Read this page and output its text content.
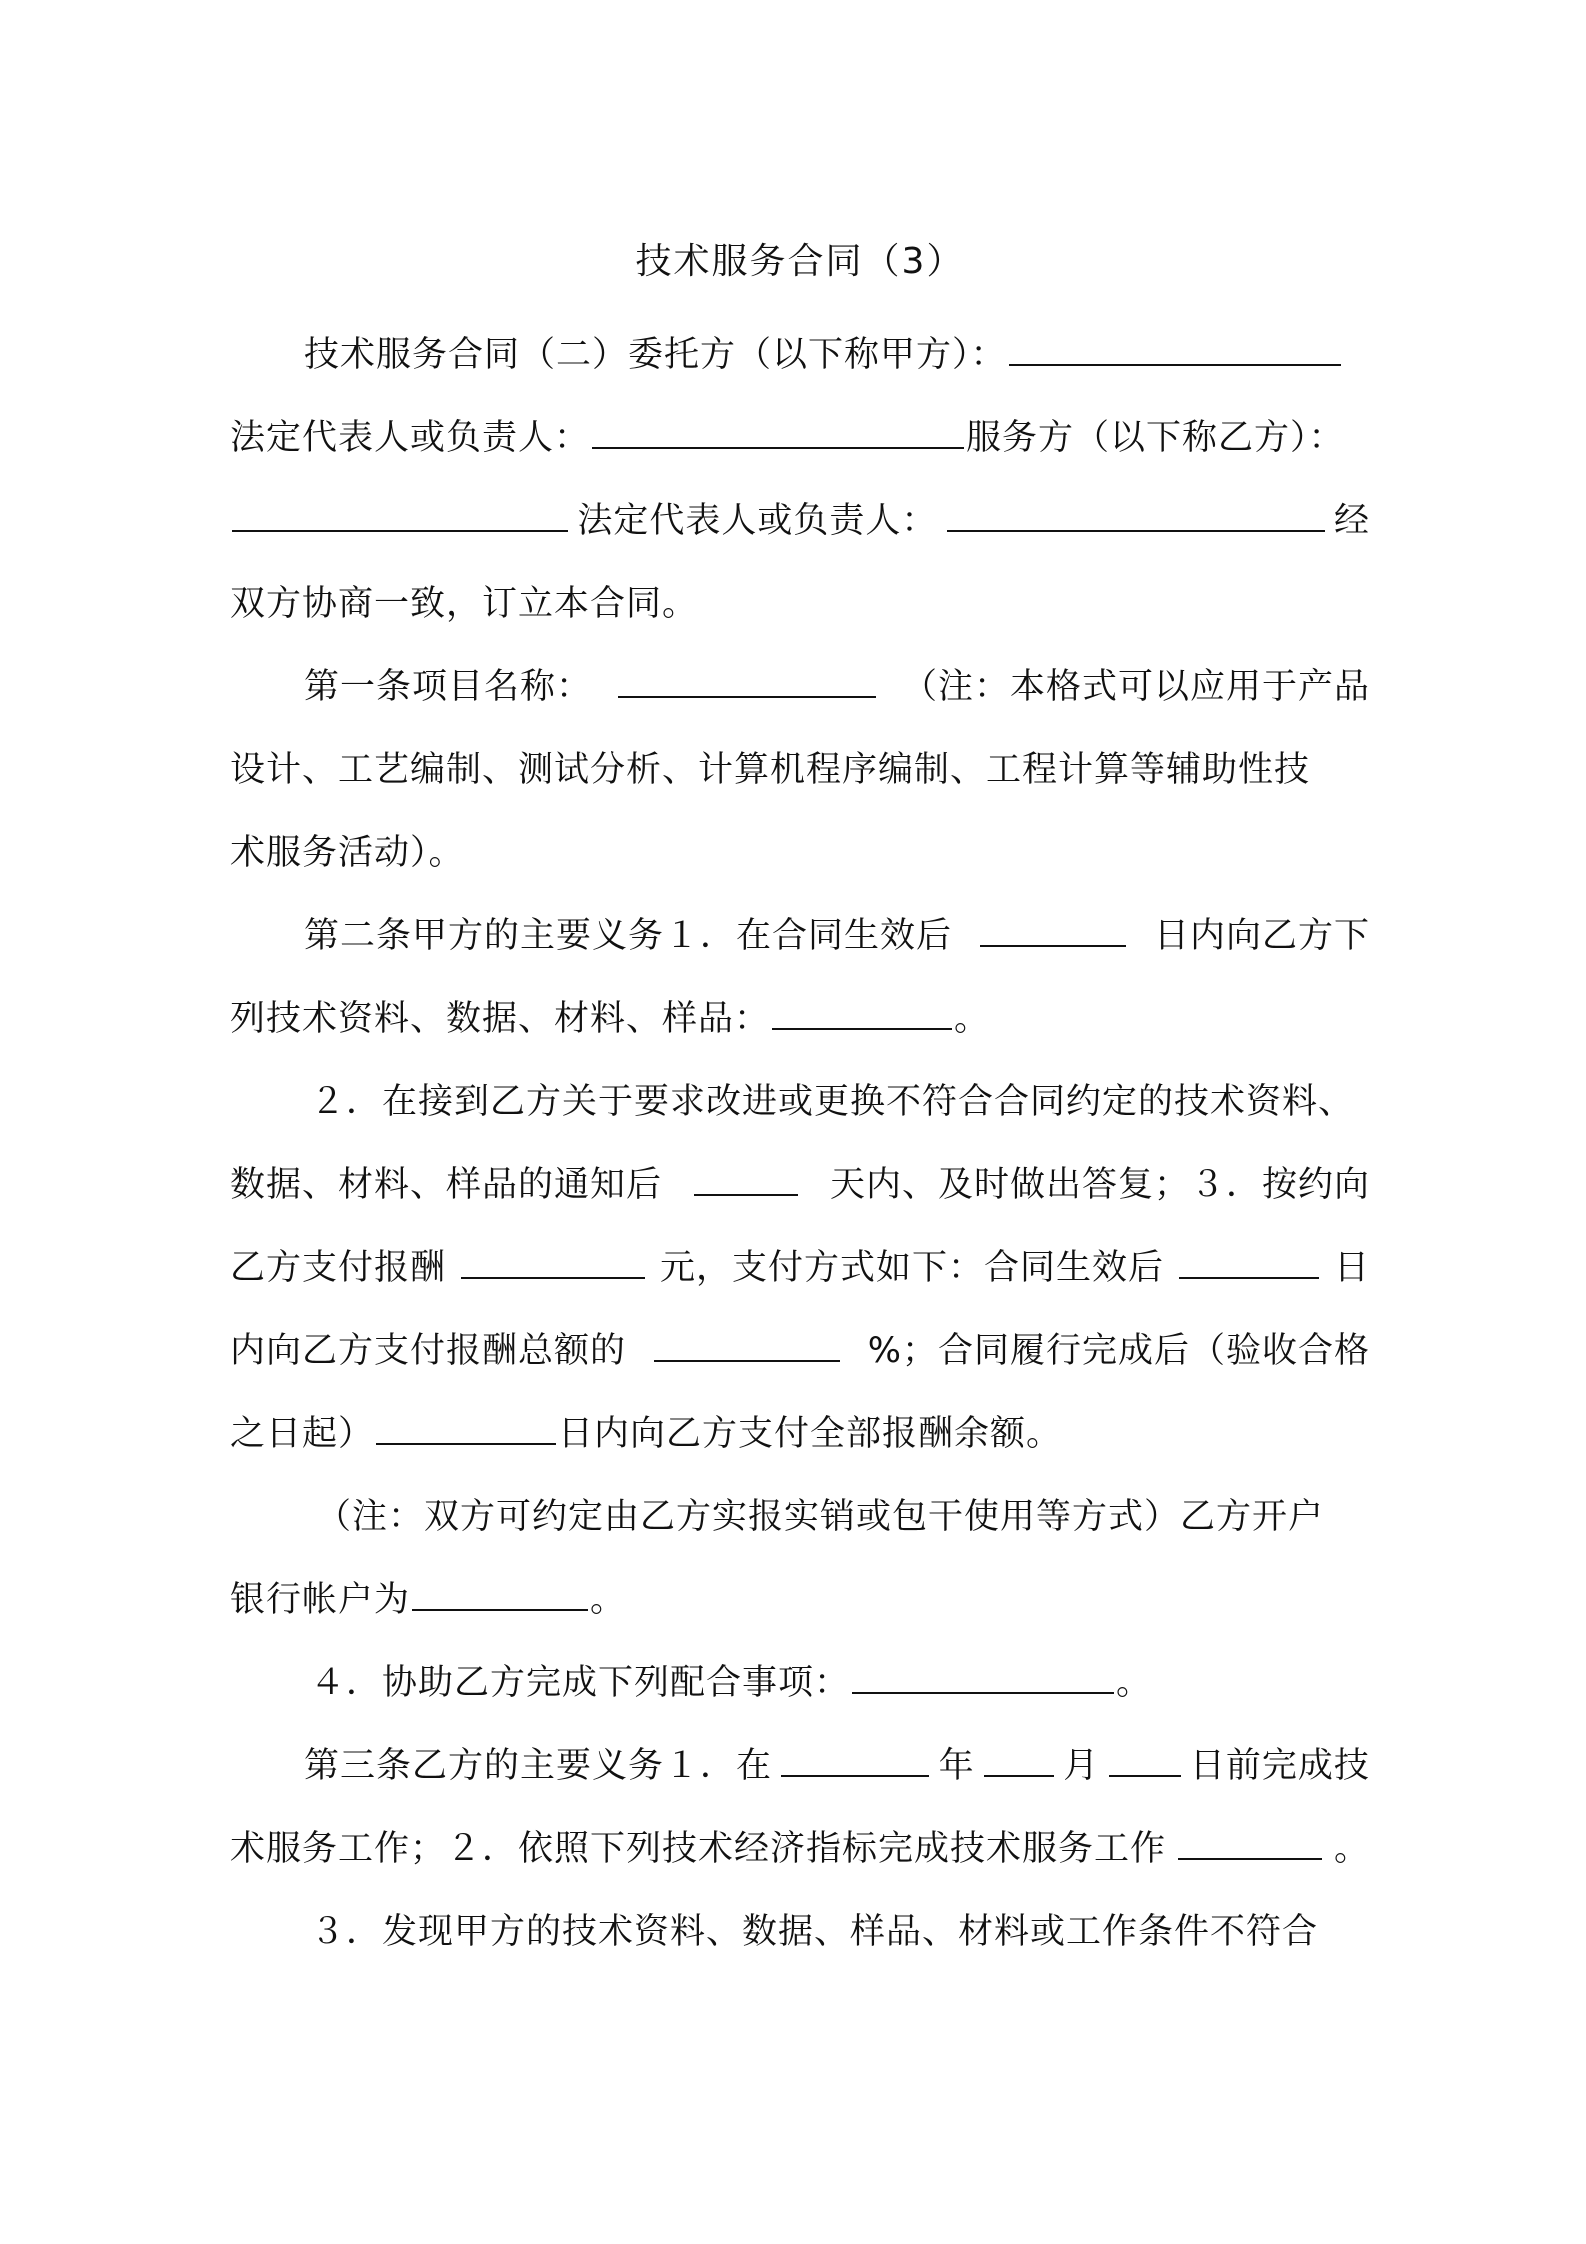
技术服务合同（3）
技术服务合同（二）委托方（以下称甲方）：
法定代表人或负责人：	服务方（以下称乙方）：
法定代表人或负责人：	经
双方协商一致，订立本合同。
第一条项目名称：	（注：本格式可以应用于产品
设计、工艺编制、测试分析、计算机程序编制、工程计算等辅助性技
术服务活动）。
第二条甲方的主要义务１．在合同生效后	日内向乙方下
列技术资料、数据、材料、样品：	。
２．在接到乙方关于要求改进或更换不符合合同约定的技术资料、
数据、材料、样品的通知后	天内、及时做出答复；３．按约向
乙方支付报酬	元，支付方式如下：合同生效后	日
内向乙方支付报酬总额的	%；合同履行完成后（验收合格
之日起）	日内向乙方支付全部报酬余额。
（注：双方可约定由乙方实报实销或包干使用等方式）乙方开户
银行帐户为	。
４．协助乙方完成下列配合事项：	。
第三条乙方的主要义务１．在	年	月	日前完成技
术服务工作；２．依照下列技术经济指标完成技术服务工作	。
３．发现甲方的技术资料、数据、样品、材料或工作条件不符合
